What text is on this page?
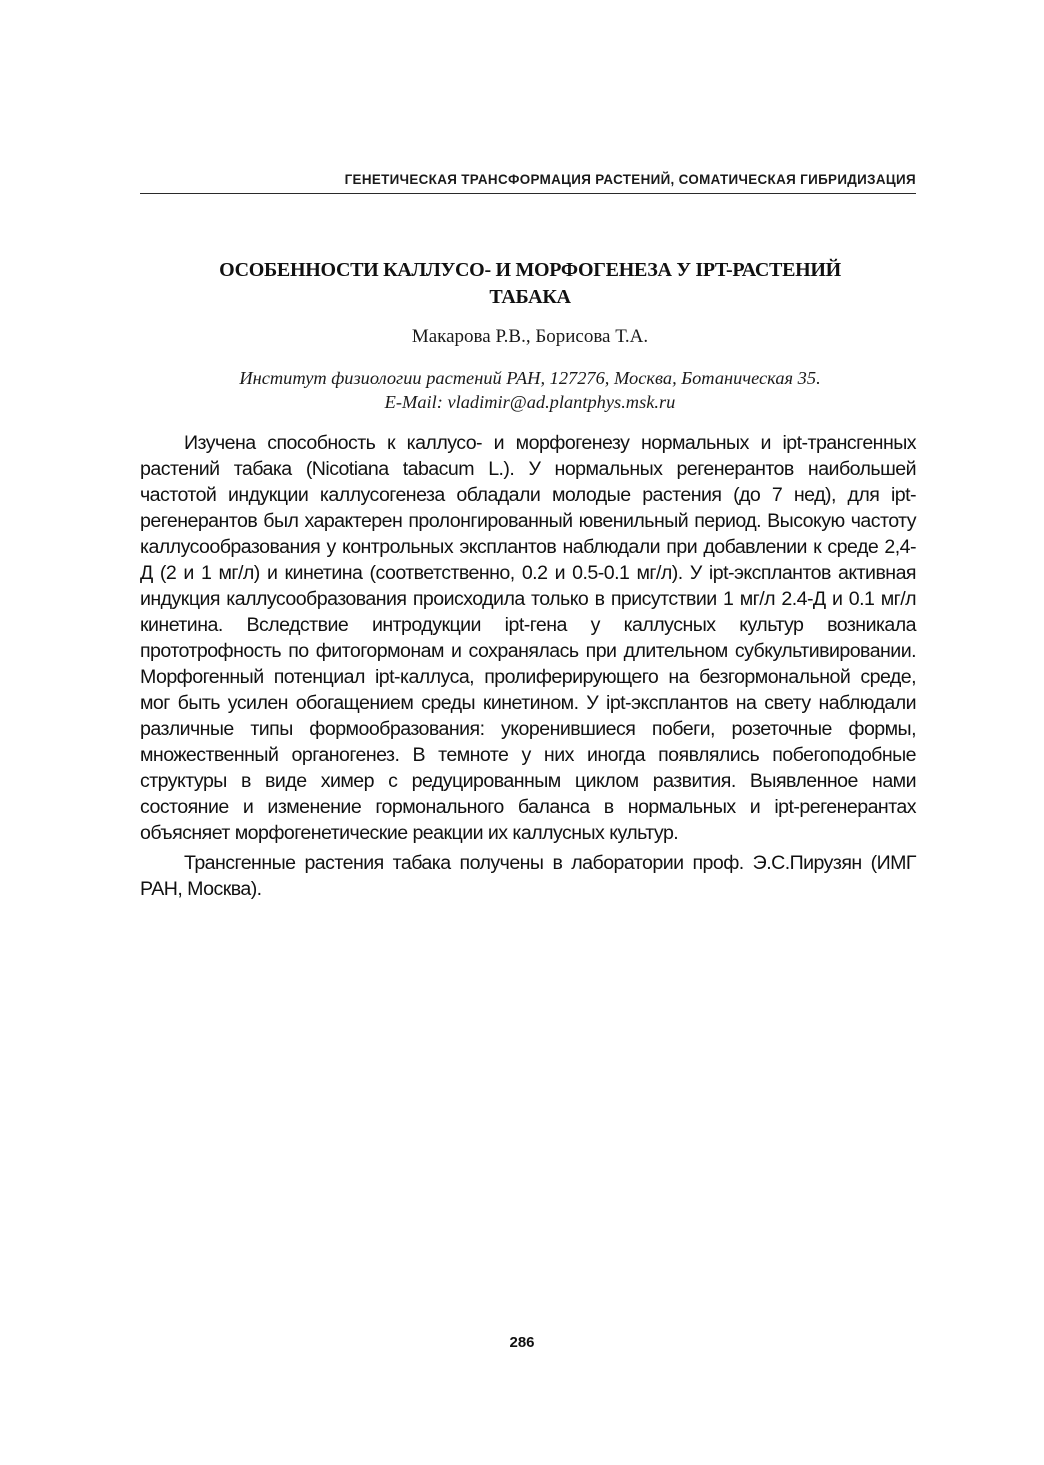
ГЕНЕТИЧЕСКАЯ ТРАНСФОРМАЦИЯ РАСТЕНИЙ, СОМАТИЧЕСКАЯ ГИБРИДИЗАЦИЯ
ОСОБЕННОСТИ КАЛЛУСО- И МОРФОГЕНЕЗА У IPT-РАСТЕНИЙ
ТАБАКА
Макарова Р.В., Борисова Т.А.
Институт физиологии растений РАН, 127276, Москва, Ботаническая 35.
E-Mail: vladimir@ad.plantphys.msk.ru

Изучена способность к каллусо- и морфогенезу нормальных и ipt-трансгенных растений табака (Nicotiana tabacum L.). У нормальных регенерантов наибольшей частотой индукции каллусогенеза обладали молодые растения (до 7 нед), для ipt-регенерантов был характерен пролонгированный ювенильный период. Высокую частоту каллусообразования у контрольных эксплантов наблюдали при добавлении к среде 2,4-Д (2 и 1 мг/л) и кинетина (соответственно, 0.2 и 0.5-0.1 мг/л). У ipt-эксплантов активная индукция каллусообразования происходила только в присутствии 1 мг/л 2.4-Д и 0.1 мг/л кинетина. Вследствие интродукции ipt-гена у каллусных культур возникала прототрофность по фитогормонам и сохранялась при длительном субкультивировании. Морфогенный потенциал ipt-каллуса, пролиферирующего на безгормональной среде, мог быть усилен обогащением среды кинетином. У ipt-эксплантов на свету наблюдали различные типы формообразования: укоренившиеся побеги, розеточные формы, множественный органогенез. В темноте у них иногда появлялись побегоподобные структуры в виде химер с редуцированным циклом развития. Выявленное нами состояние и изменение гормонального баланса в нормальных и ipt-регенерантах объясняет морфогенетические реакции их каллусных культур.

Трансгенные растения табака получены в лаборатории проф. Э.С.Пирузян (ИМГ РАН, Москва).

286
